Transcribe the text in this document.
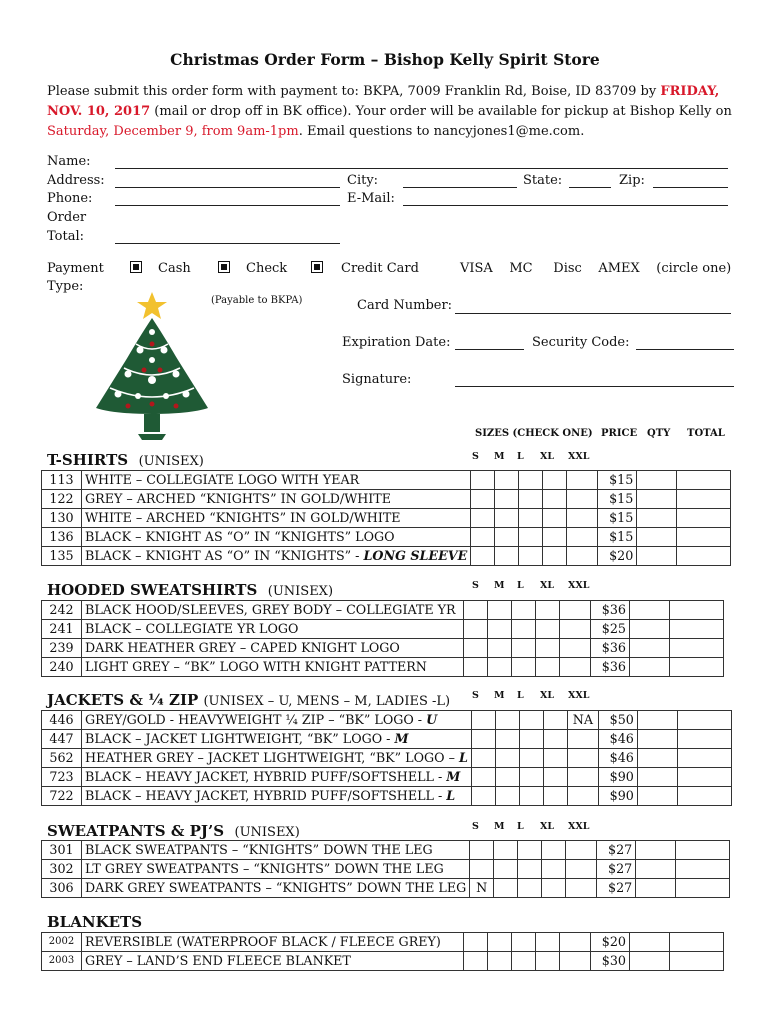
Christmas Order Form – Bishop Kelly Spirit Store
Please submit this order form with payment to: BKPA, 7009 Franklin Rd, Boise, ID 83709 by FRIDAY, NOV. 10, 2017 (mail or drop off in BK office). Your order will be available for pickup at Bishop Kelly on Saturday, December 9, from 9am-1pm. Email questions to nancyjones1@me.com.
Name:
Address:	City:	State:	Zip:
Phone:	E-Mail:
Order
Total:
Payment
Type:
Cash	Check	Credit Card	VISA    MC     Disc    AMEX    (circle one)
(Payable to BKPA)	Card Number:
Expiration Date:	Security Code:
Signature:
SIZES (CHECK ONE) PRICE QTY TOTAL
T-SHIRTS (UNISEX)	S M L XL XXL
113	WHITE – COLLEGIATE LOGO WITH YEAR						$15		
122	GREY – ARCHED “KNIGHTS” IN GOLD/WHITE						$15		
130	WHITE – ARCHED “KNIGHTS” IN GOLD/WHITE						$15		
136	BLACK – KNIGHT AS “O” IN “KNIGHTS” LOGO						$15		
135	BLACK – KNIGHT AS “O” IN “KNIGHTS” - LONG SLEEVE						$20		
HOODED SWEATSHIRTS (UNISEX)	S M L XL XXL
242	BLACK HOOD/SLEEVES, GREY BODY – COLLEGIATE YR						$36		
241	BLACK – COLLEGIATE YR LOGO						$25		
239	DARK HEATHER GREY – CAPED KNIGHT LOGO						$36		
240	LIGHT GREY – “BK” LOGO WITH KNIGHT PATTERN						$36		
JACKETS & ¼ ZIP (UNISEX – U, MENS – M, LADIES -L) S M L XL XXL
446	GREY/GOLD - HEAVYWEIGHT ¼ ZIP – “BK” LOGO - U					NA	$50		
447	BLACK – JACKET LIGHTWEIGHT, “BK” LOGO - M						$46		
562	HEATHER GREY – JACKET LIGHTWEIGHT, “BK” LOGO – L						$46		
723	BLACK – HEAVY JACKET, HYBRID PUFF/SOFTSHELL - M						$90		
722	BLACK – HEAVY JACKET, HYBRID PUFF/SOFTSHELL - L						$90		
SWEATPANTS & PJ’S (UNISEX)	S M L XL XXL
301	BLACK SWEATPANTS – “KNIGHTS” DOWN THE LEG						$27		
302	LT GREY SWEATPANTS – “KNIGHTS” DOWN THE LEG						$27		
306	DARK GREY SWEATPANTS – “KNIGHTS” DOWN THE LEG	N					$27		
BLANKETS
2002	REVERSIBLE (WATERPROOF BLACK / FLEECE GREY)						$20		
2003	GREY – LAND’S END FLEECE BLANKET						$30		
